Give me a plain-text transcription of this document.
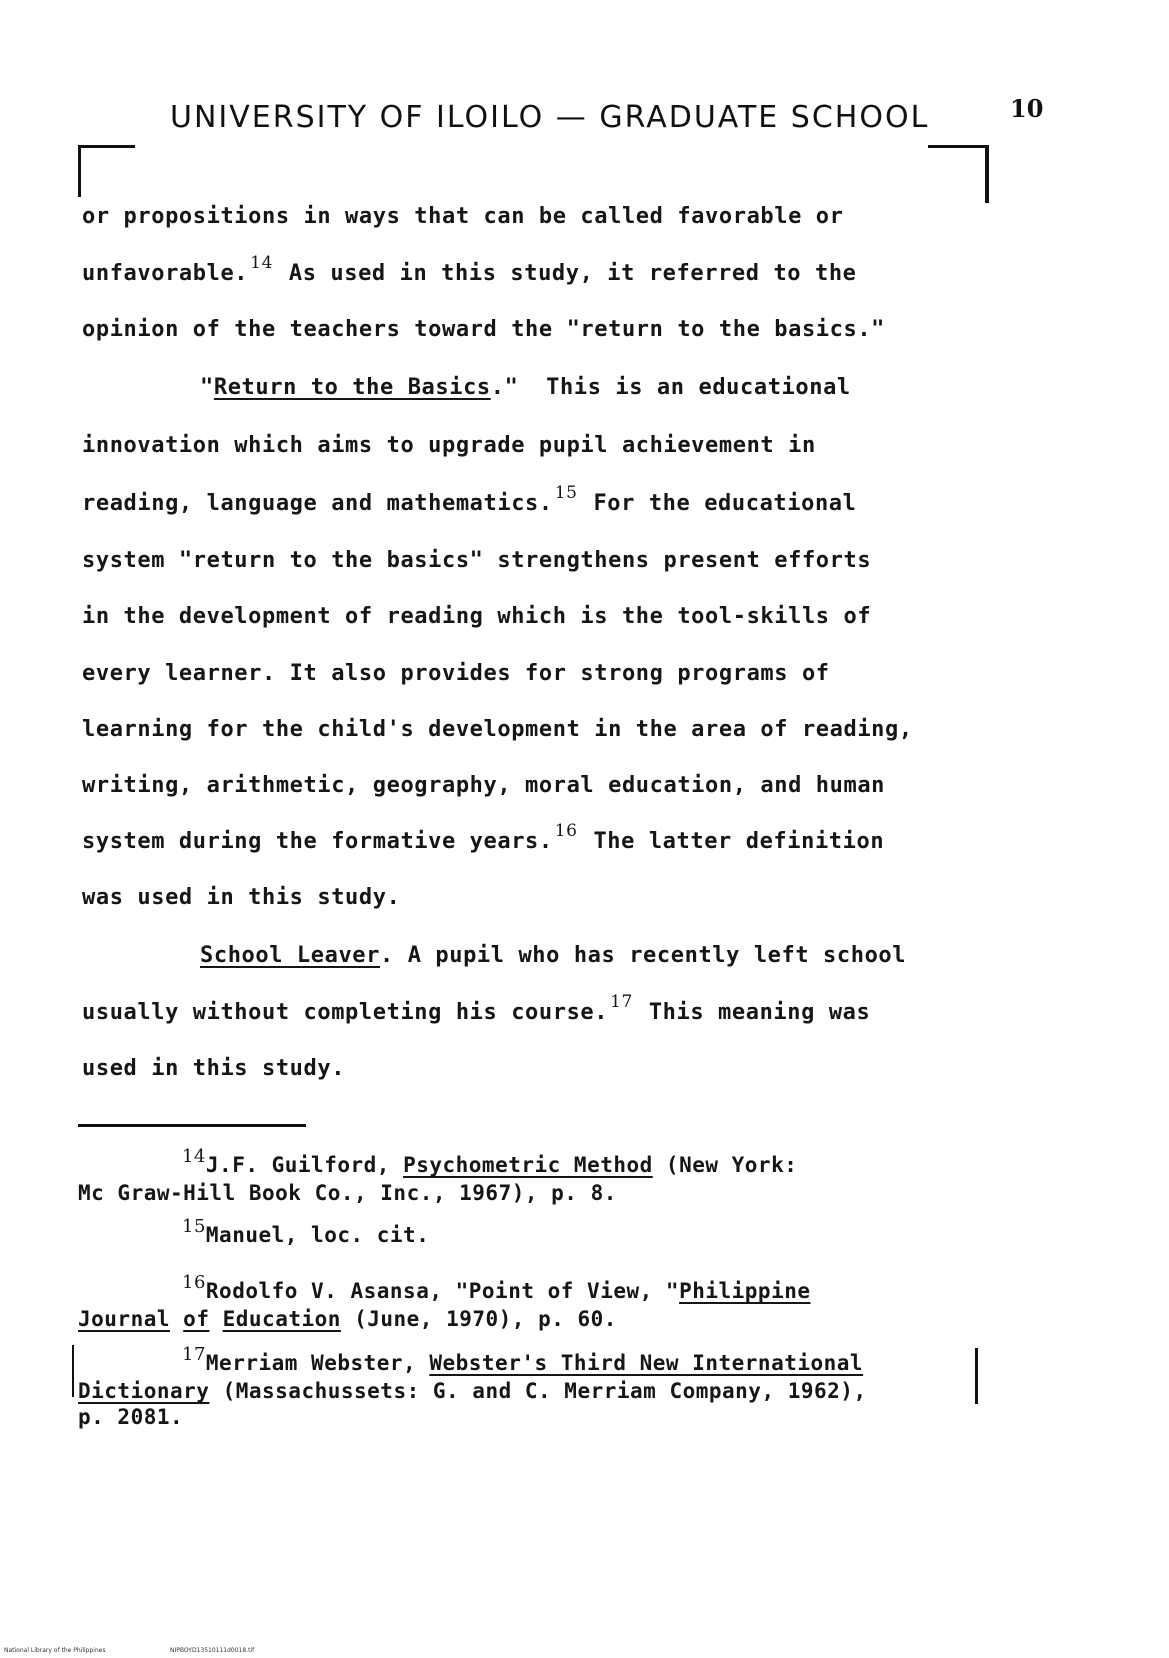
UNIVERSITY OF ILOILO — GRADUATE SCHOOL	10
or propositions in ways that can be called favorable or
unfavorable. $^{14}$ As used in this study, it referred to the
opinion of the teachers toward the "return to the basics."
"Return to the Basics." This is an educational
innovation which aims to upgrade pupil achievement in
reading, language and mathematics. $^{15}$ For the educational
system "return to the basics" strengthens present efforts
in the development of reading which is the tool-skills of
every learner. It also provides for strong programs of
learning for the child's development in the area of reading,
writing, arithmetic, geography, moral education, and human
system during the formative years. $^{16}$ The latter definition
was used in this study.
School Leaver. A pupil who has recently left school
usually without completing his course. $^{17}$ This meaning was
used in this study.
14J.F. Guilford, Psychometric Method (New York:
Mc Graw-Hill Book Co., Inc., 1967), p. 8.
15Manuel, loc. cit.
16Rodolfo V. Asansa, "Point of View, "Philippine
Journal of Education (June, 1970), p. 60.
17Merriam Webster, Webster's Third New International
Dictionary (Massachussets: G. and C. Merriam Company, 1962),
p. 2081.
National Library of the Philippines	NIPBOYD13510111d0018.tif
